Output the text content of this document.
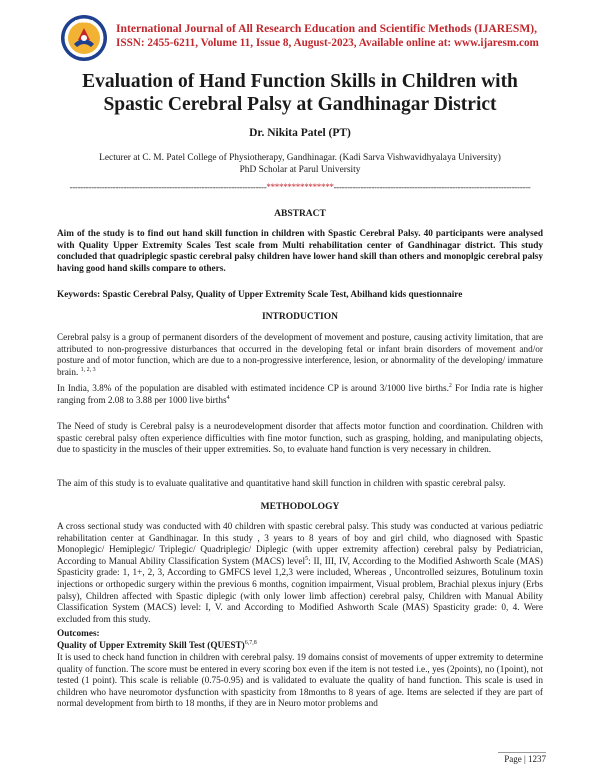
IJARESM
International Journal of All Research Education and Scientific Methods (IJARESM),
ISSN: 2455-6211, Volume 11, Issue 8, August-2023, Available online at: www.ijaresm.com
Evaluation of Hand Function Skills in Children with
Spastic Cerebral Palsy at Gandhinagar District
Dr. Nikita Patel (PT)
Lecturer at C. M. Patel College of Physiotherapy, Gandhinagar. (Kadi Sarva Vishwavidhyalaya University)
PhD Scholar at Parul University
-------------------------------------------------------------------------****************-------------------------------------------------------------------------
ABSTRACT
Aim of the study is to find out hand skill function in children with Spastic Cerebral Palsy. 40 participants were analysed with Quality Upper Extremity Scales Test scale from Multi rehabilitation center of Gandhinagar district. This study concluded that quadriplegic spastic cerebral palsy children have lower hand skill than others and monoplgic cerebral palsy having good hand skills compare to others.
Keywords: Spastic Cerebral Palsy, Quality of Upper Extremity Scale Test, Abilhand kids questionnaire
INTRODUCTION
Cerebral palsy is a group of permanent disorders of the development of movement and posture, causing activity limitation, that are attributed to non-progressive disturbances that occurred in the developing fetal or infant brain disorders of movement and/or posture and of motor function, which are due to a non-progressive interference, lesion, or abnormality of the developing/ immature brain. $^{1, 2, 3}$
In India, 3.8% of the population are disabled with estimated incidence CP is around 3/1000 live births.$^2$ For India rate is higher ranging from 2.08 to 3.88 per 1000 live births$^4$
The Need of study is Cerebral palsy is a neurodevelopment disorder that affects motor function and coordination. Children with spastic cerebral palsy often experience difficulties with fine motor function, such as grasping, holding, and manipulating objects, due to spasticity in the muscles of their upper extremities. So, to evaluate hand function is very necessary in children.
The aim of this study is to evaluate qualitative and quantitative hand skill function in children with spastic cerebral palsy.
METHODOLOGY
A cross sectional study was conducted with 40 children with spastic cerebral palsy. This study was conducted at various pediatric rehabilitation center at Gandhinagar. In this study , 3 years to 8 years of boy and girl child, who diagnosed with Spastic Monoplegic/ Hemiplegic/ Triplegic/ Quadriplegic/ Diplegic (with upper extremity affection) cerebral palsy by Pediatrician, According to Manual Ability Classification System (MACS) level$^5$: II, III, IV, According to the Modified Ashworth Scale (MAS) Spasticity grade: 1, 1+, 2, 3, According to GMFCS level 1,2,3 were included, Whereas , Uncontrolled seizures, Botulinum toxin injections or orthopedic surgery within the previous 6 months, cognition impairment, Visual problem, Brachial plexus injury (Erbs palsy), Children affected with Spastic diplegic (with only lower limb affection) cerebral palsy, Children with Manual Ability Classification System (MACS) level: I, V. and According to Modified Ashworth Scale (MAS) Spasticity grade: 0, 4. Were excluded from this study.
Outcomes:
Quality of Upper Extremity Skill Test (QUEST)$^{6,7,8}$
It is used to check hand function in children with cerebral palsy. 19 domains consist of movements of upper extremity to determine quality of function. The score must be entered in every scoring box even if the item is not tested i.e., yes (2points), no (1point), not tested (1 point). This scale is reliable (0.75-0.95) and is validated to evaluate the quality of hand function. This scale is used in children who have neuromotor dysfunction with spasticity from 18months to 8 years of age. Items are selected if they are part of normal development from birth to 18 months, if they are in Neuro motor problems and
Page | 1237
